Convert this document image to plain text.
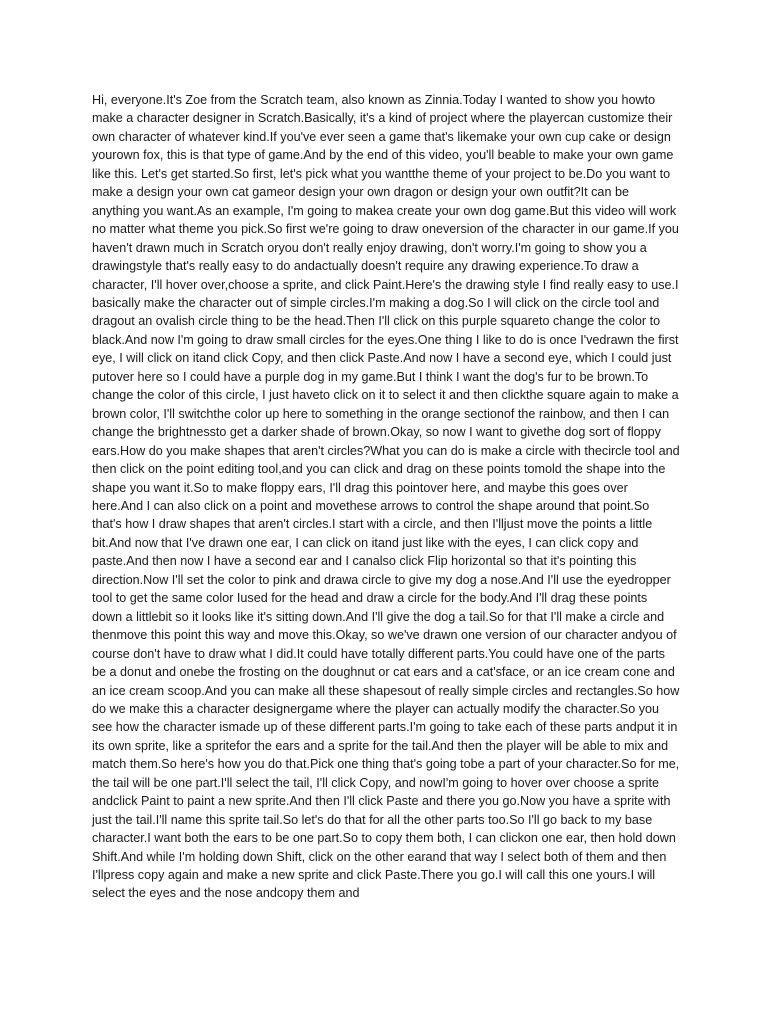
Hi, everyone.It's Zoe from the Scratch team, also known as Zinnia.Today I wanted to show you howto make a character designer in Scratch.Basically, it's a kind of project where the playercan customize their own character of whatever kind.If you've ever seen a game that's likemake your own cup cake or design yourown fox, this is that type of game.And by the end of this video, you'll beable to make your own game like this. Let's get started.So first, let's pick what you wantthe theme of your project to be.Do you want to make a design your own cat gameor design your own dragon or design your own outfit?It can be anything you want.As an example, I'm going to makea create your own dog game.But this video will work no matter what theme you pick.So first we're going to draw oneversion of the character in our game.If you haven't drawn much in Scratch oryou don't really enjoy drawing, don't worry.I'm going to show you a drawingstyle that's really easy to do andactually doesn't require any drawing experience.To draw a character, I'll hover over,choose a sprite, and click Paint.Here's the drawing style I find really easy to use.I basically make the character out of simple circles.I'm making a dog.So I will click on the circle tool and dragout an ovalish circle thing to be the head.Then I'll click on this purple squareto change the color to black.And now I'm going to draw small circles for the eyes.One thing I like to do is once I'vedrawn the first eye, I will click on itand click Copy, and then click Paste.And now I have a second eye, which I could just putover here so I could have a purple dog in my game.But I think I want the dog's fur to be brown.To change the color of this circle, I just haveto click on it to select it and then clickthe square again to make a brown color, I'll switchthe color up here to something in the orange sectionof the rainbow, and then I can change the brightnessto get a darker shade of brown.Okay, so now I want to givethe dog sort of floppy ears.How do you make shapes that aren't circles?What you can do is make a circle with thecircle tool and then click on the point editing tool,and you can click and drag on these points tomold the shape into the shape you want it.So to make floppy ears, I'll drag this pointover here, and maybe this goes over here.And I can also click on a point and movethese arrows to control the shape around that point.So that's how I draw shapes that aren't circles.I start with a circle, and then I'lljust move the points a little bit.And now that I've drawn one ear, I can click on itand just like with the eyes, I can click copy and paste.And then now I have a second ear and I canalso click Flip horizontal so that it's pointing this direction.Now I'll set the color to pink and drawa circle to give my dog a nose.And I'll use the eyedropper tool to get the same color Iused for the head and draw a circle for the body.And I'll drag these points down a littlebit so it looks like it's sitting down.And I'll give the dog a tail.So for that I'll make a circle and thenmove this point this way and move this.Okay, so we've drawn one version of our character andyou of course don't have to draw what I did.It could have totally different parts.You could have one of the parts be a donut and onebe the frosting on the doughnut or cat ears and a cat'sface, or an ice cream cone and an ice cream scoop.And you can make all these shapesout of really simple circles and rectangles.So how do we make this a character designergame where the player can actually modify the character.So you see how the character ismade up of these different parts.I'm going to take each of these parts andput it in its own sprite, like a spritefor the ears and a sprite for the tail.And then the player will be able to mix and match them.So here's how you do that.Pick one thing that's going tobe a part of your character.So for me, the tail will be one part.I'll select the tail, I'll click Copy, and nowI'm going to hover over choose a sprite andclick Paint to paint a new sprite.And then I'll click Paste and there you go.Now you have a sprite with just the tail.I'll name this sprite tail.So let's do that for all the other parts too.So I'll go back to my base character.I want both the ears to be one part.So to copy them both, I can clickon one ear, then hold down Shift.And while I'm holding down Shift, click on the other earand that way I select both of them and then I'llpress copy again and make a new sprite and click Paste.There you go.I will call this one yours.I will select the eyes and the nose andcopy them and
